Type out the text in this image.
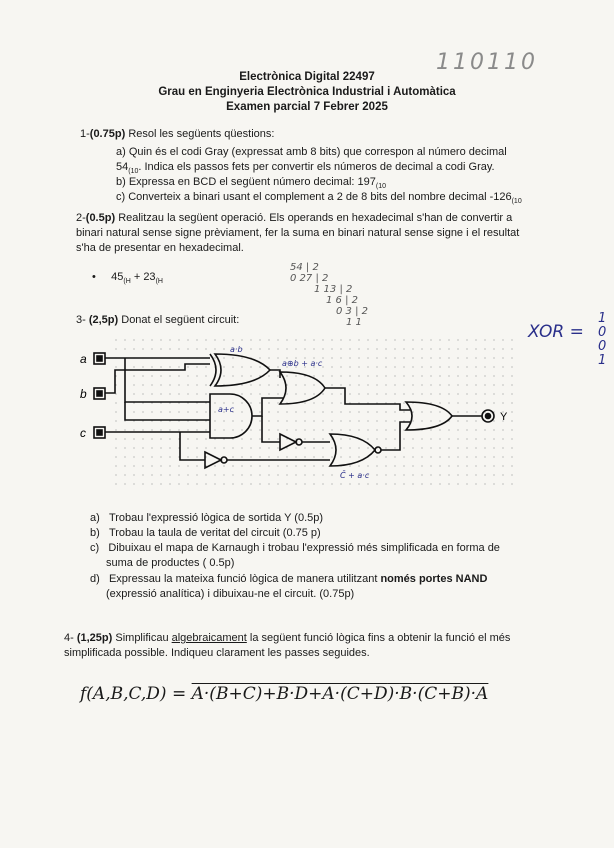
Electrònica Digital 22497
Grau en Enginyeria Electrònica Industrial i Automàtica
Examen parcial 7 Febrer 2025
110110
1-(0.75p) Resol les següents qüestions:
a) Quin és el codi Gray (expressat amb 8 bits) que correspon al número decimal
$54_{(10}$. Indica els passos fets per convertir els números de decimal a codi Gray.
b) Expressa en BCD el següent número decimal: $197_{(10}$
c) Converteix a binari usant el complement a 2 de 8 bits del nombre decimal $-126_{(10}$
2-(0.5p) Realitzau la següent operació. Els operands en hexadecimal s'han de convertir a
binari natural sense signe prèviament, fer la suma en binari natural sense signe i el resultat
s'ha de presentar en hexadecimal.
• $45_{(H} + 23_{(H}$
54 | 2
0 27 | 2
1 13 | 2
1 6 | 2
0 3 | 2
1 1	XOR =
1
0
0
1
3- (2,5p) Donat el següent circuit:
a
b
c
Y
a·b
a⊕b + a·c
a+c
C̄ + a·c
a) Trobau l'expressió lògica de sortida Y (0.5p)
b) Trobau la taula de veritat del circuit (0.75 p)
c) Dibuixau el mapa de Karnaugh i trobau l'expressió més simplificada en forma de
suma de productes ( 0.5p)
d) Expressau la mateixa funció lògica de manera utilitzant només portes NAND
(expressió analítica) i dibuixau-ne el circuit. (0.75p)
4- (1,25p) Simplificau algebraicament la següent funció lògica fins a obtenir la funció el més
simplificada possible. Indiqueu clarament les passes seguides.
f(A,B,C,D) = A·(B+C)+B·D+A·(C+D)·B·(C+B)·A
